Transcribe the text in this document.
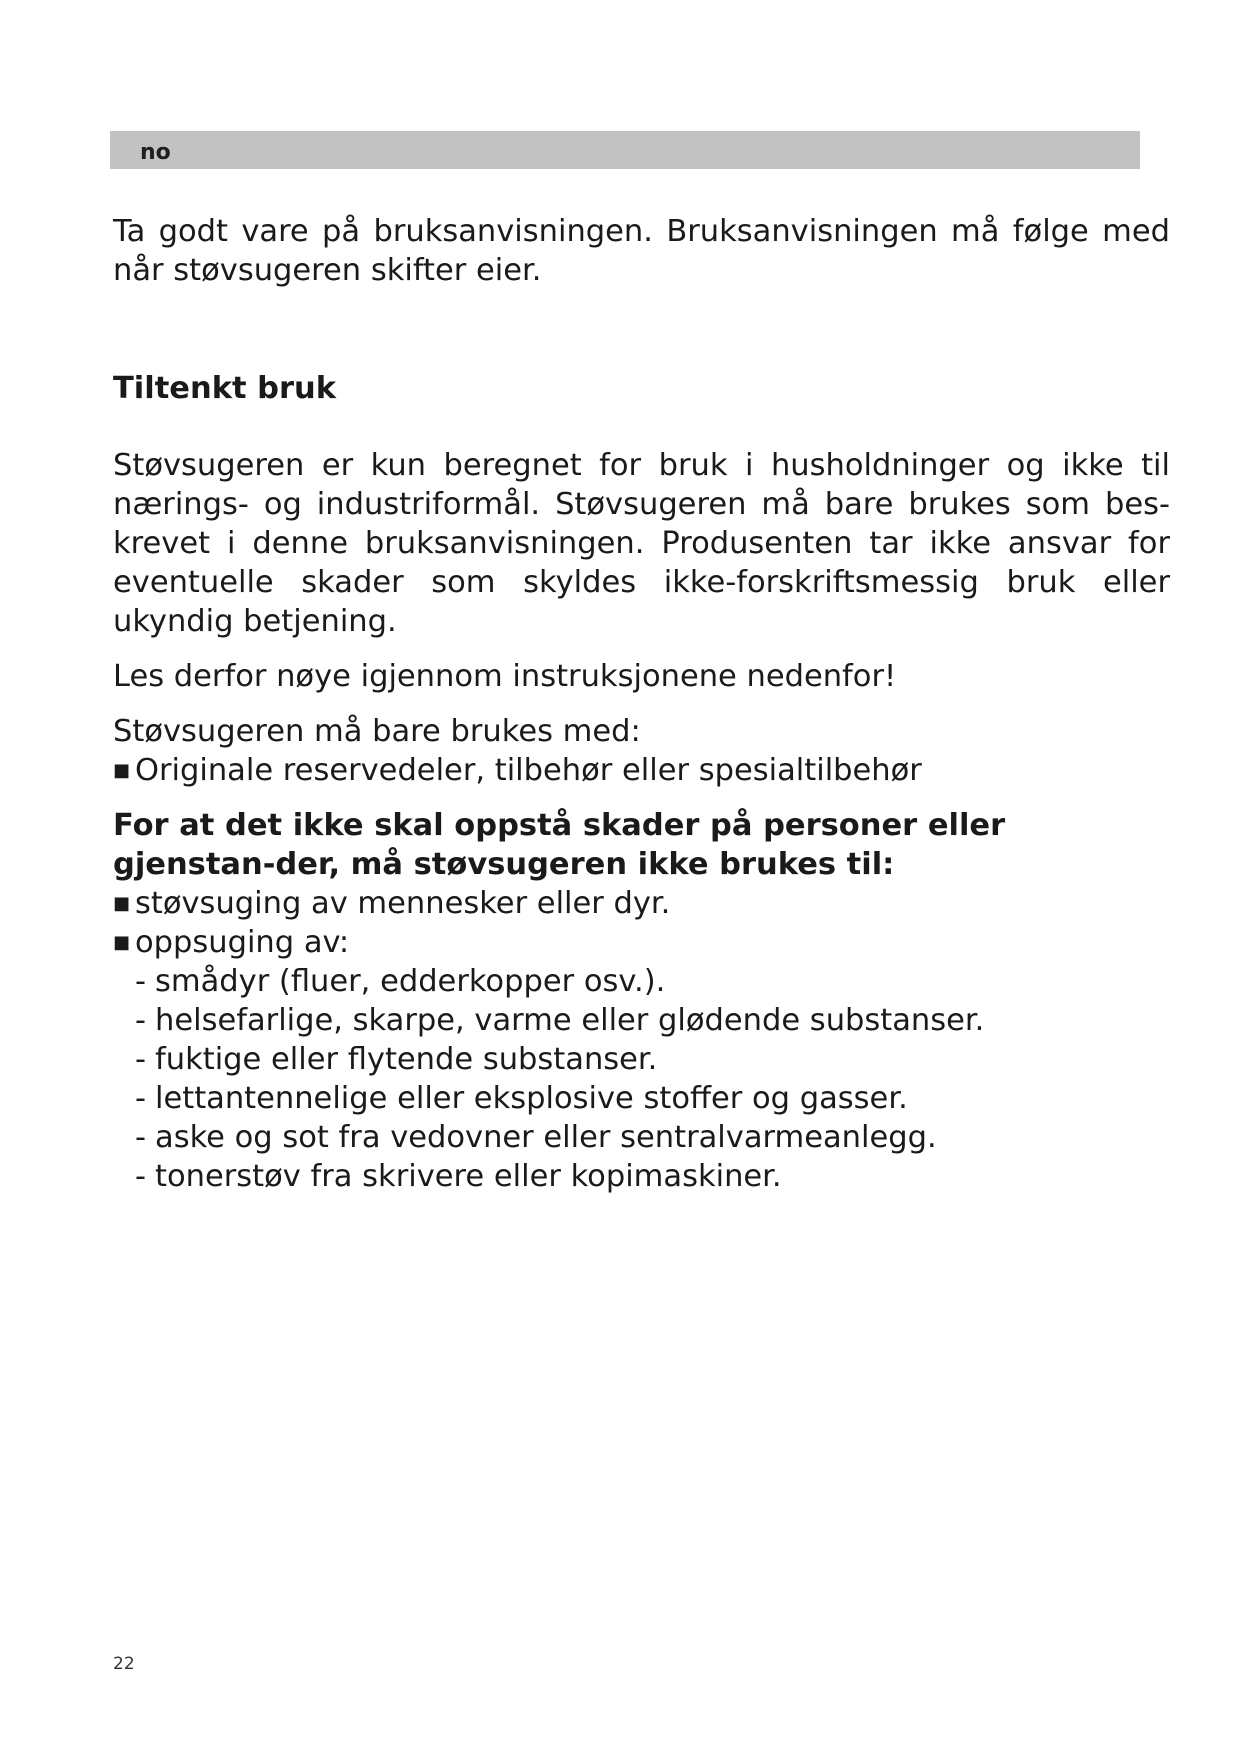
no

Ta godt vare på bruksanvisningen. Bruksanvisningen må følge med når støvsugeren skifter eier.

Tiltenkt bruk

Støvsugeren er kun beregnet for bruk i husholdninger og ikke til nærings- og industriformål. Støvsugeren må bare brukes som bes-krevet i denne bruksanvisningen. Produsenten tar ikke ansvar for eventuelle skader som skyldes ikke-forskriftsmessig bruk eller ukyndig betjening.

Les derfor nøye igjennom instruksjonene nedenfor!

Støvsugeren må bare brukes med:

■ Originale reservedeler, tilbehør eller spesialtilbehør

For at det ikke skal oppstå skader på personer eller gjenstan-der, må støvsugeren ikke brukes til:

■ støvsuging av mennesker eller dyr.
■ oppsuging av:
- smådyr (fluer, edderkopper osv.).
- helsefarlige, skarpe, varme eller glødende substanser.
- fuktige eller flytende substanser.
- lettantennelige eller eksplosive stoffer og gasser.
- aske og sot fra vedovner eller sentralvarmeanlegg.
- tonerstøv fra skrivere eller kopimaskiner.
22
